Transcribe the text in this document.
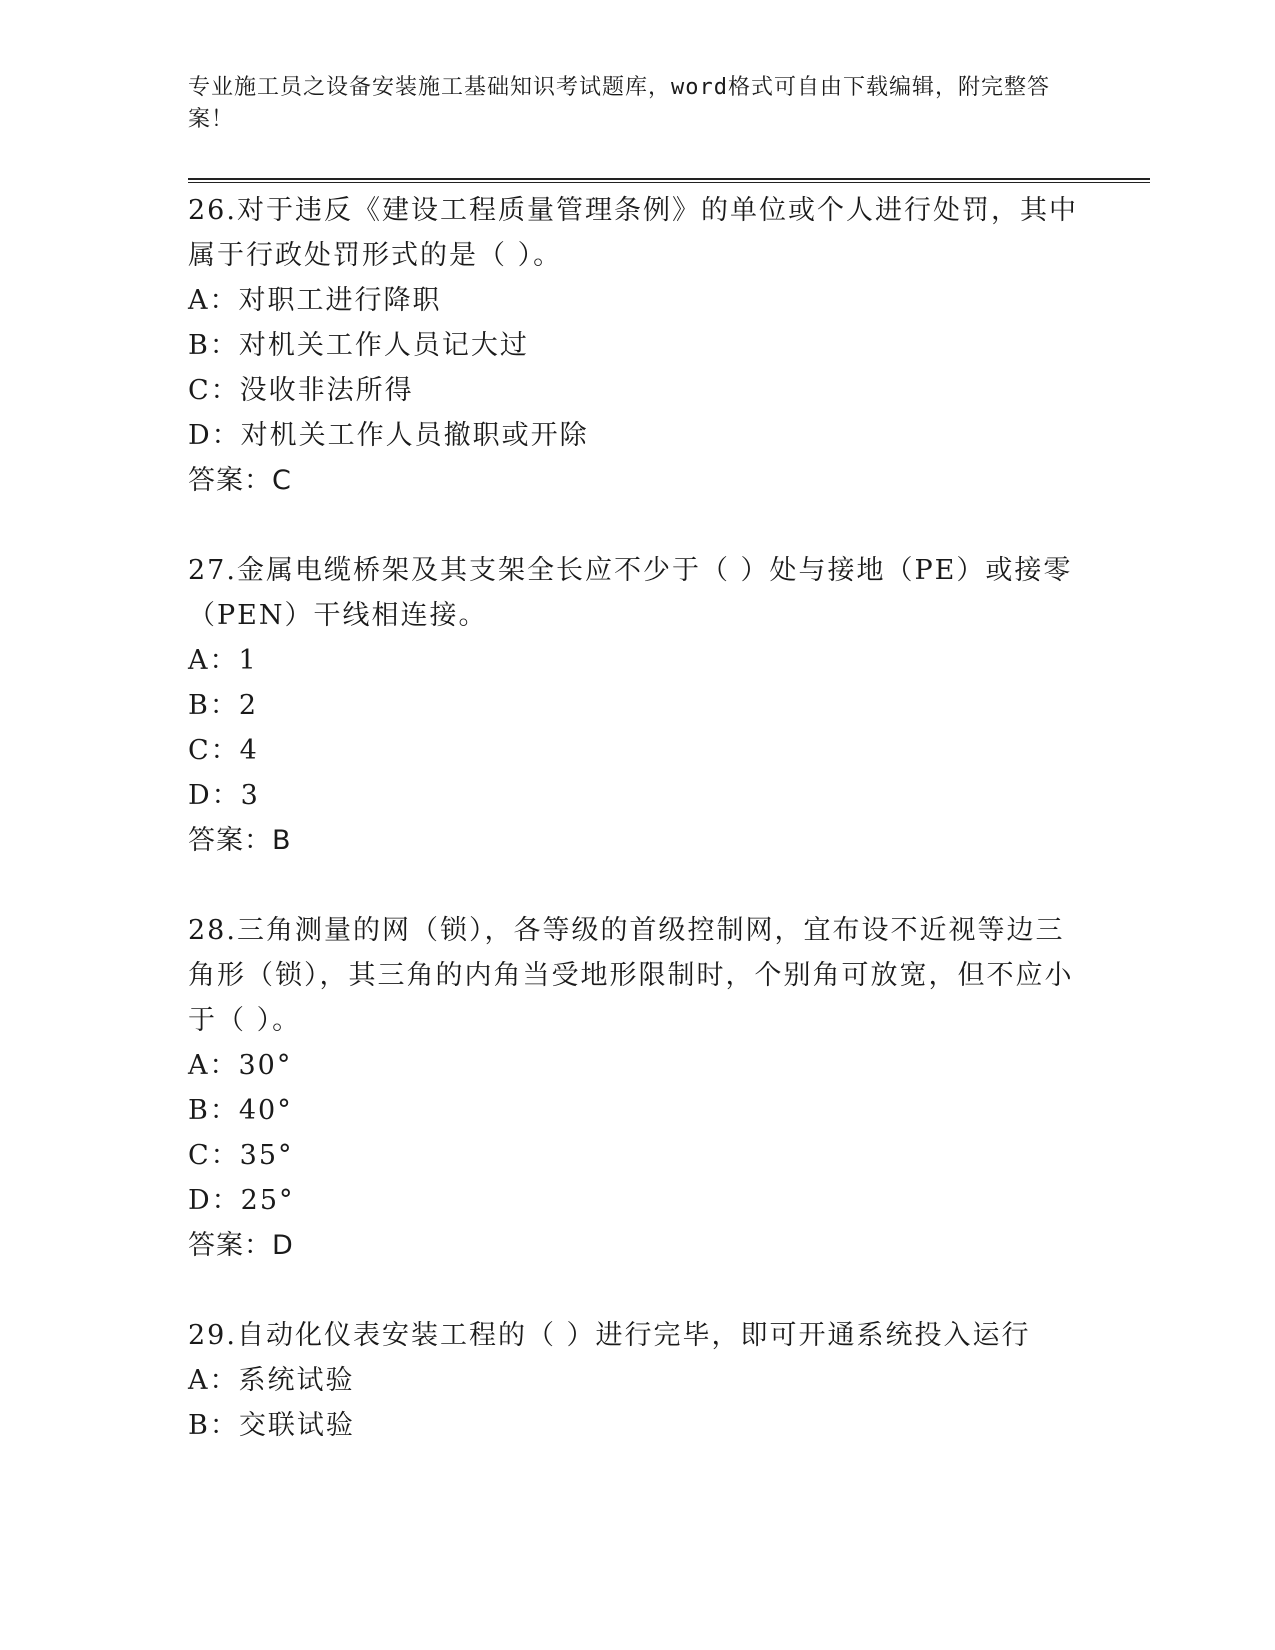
专业施工员之设备安装施工基础知识考试题库，word格式可自由下载编辑，附完整答案！

26.对于违反《建设工程质量管理条例》的单位或个人进行处罚，其中属于行政处罚形式的是（ ）。

A：对职工进行降职

B：对机关工作人员记大过

C：没收非法所得

D：对机关工作人员撤职或开除

答案：C

27.金属电缆桥架及其支架全长应不少于（ ）处与接地（PE）或接零（PEN）干线相连接。

A：1

B：2

C：4

D：3

答案：B

28.三角测量的网（锁），各等级的首级控制网，宜布设不近视等边三角形（锁），其三角的内角当受地形限制时，个别角可放宽，但不应小于（ ）。

A：30°

B：40°

C：35°

D：25°

答案：D

29.自动化仪表安装工程的（ ）进行完毕，即可开通系统投入运行

A：系统试验

B：交联试验
